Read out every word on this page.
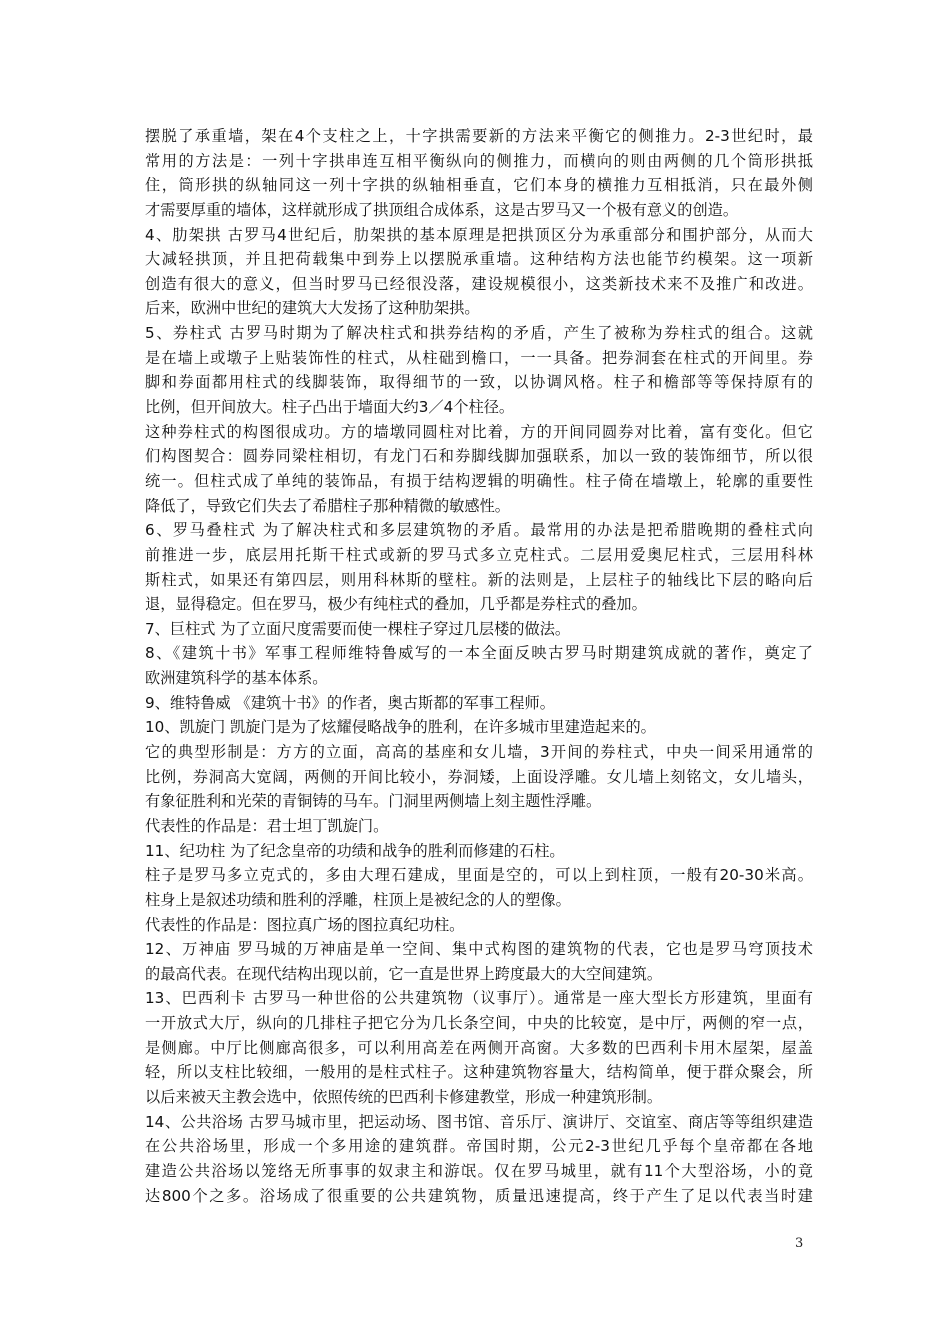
摆脱了承重墙，架在4个支柱之上，十字拱需要新的方法来平衡它的侧推力。2-3世纪时，最
常用的方法是：一列十字拱串连互相平衡纵向的侧推力，而横向的则由两侧的几个筒形拱抵
住，筒形拱的纵轴同这一列十字拱的纵轴相垂直，它们本身的横推力互相抵消，只在最外侧
才需要厚重的墙体，这样就形成了拱顶组合成体系，这是古罗马又一个极有意义的创造。
4、肋架拱 古罗马4世纪后，肋架拱的基本原理是把拱顶区分为承重部分和围护部分，从而大
大减轻拱顶，并且把荷载集中到券上以摆脱承重墙。这种结构方法也能节约模架。这一项新
创造有很大的意义，但当时罗马已经很没落，建设规模很小，这类新技术来不及推广和改进。
后来，欧洲中世纪的建筑大大发扬了这种肋架拱。
5、券柱式 古罗马时期为了解决柱式和拱券结构的矛盾，产生了被称为券柱式的组合。这就
是在墙上或墩子上贴装饰性的柱式，从柱础到檐口，一一具备。把券洞套在柱式的开间里。券
脚和券面都用柱式的线脚装饰，取得细节的一致，以协调风格。柱子和檐部等等保持原有的
比例，但开间放大。柱子凸出于墙面大约3／4个柱径。
这种券柱式的构图很成功。方的墙墩同圆柱对比着，方的开间同圆券对比着，富有变化。但它
们构图契合：圆券同梁柱相切，有龙门石和券脚线脚加强联系，加以一致的装饰细节，所以很
统一。但柱式成了单纯的装饰品，有损于结构逻辑的明确性。柱子倚在墙墩上，轮廓的重要性
降低了，导致它们失去了希腊柱子那种精微的敏感性。
6、罗马叠柱式 为了解决柱式和多层建筑物的矛盾。最常用的办法是把希腊晚期的叠柱式向
前推进一步，底层用托斯干柱式或新的罗马式多立克柱式。二层用爱奥尼柱式，三层用科林
斯柱式，如果还有第四层，则用科林斯的壁柱。新的法则是，上层柱子的轴线比下层的略向后
退，显得稳定。但在罗马，极少有纯柱式的叠加，几乎都是券柱式的叠加。
7、巨柱式 为了立面尺度需要而使一棵柱子穿过几层楼的做法。
8、《建筑十书》军事工程师维特鲁威写的一本全面反映古罗马时期建筑成就的著作，奠定了
欧洲建筑科学的基本体系。
9、维特鲁威 《建筑十书》的作者，奥古斯都的军事工程师。
10、凯旋门 凯旋门是为了炫耀侵略战争的胜利，在许多城市里建造起来的。
它的典型形制是：方方的立面，高高的基座和女儿墙，3开间的券柱式，中央一间采用通常的
比例，券洞高大宽阔，两侧的开间比较小，券洞矮，上面设浮雕。女儿墙上刻铭文，女儿墙头，
有象征胜利和光荣的青铜铸的马车。门洞里两侧墙上刻主题性浮雕。
代表性的作品是：君士坦丁凯旋门。
11、纪功柱 为了纪念皇帝的功绩和战争的胜利而修建的石柱。
柱子是罗马多立克式的，多由大理石建成，里面是空的，可以上到柱顶，一般有20-30米高。
柱身上是叙述功绩和胜利的浮雕，柱顶上是被纪念的人的塑像。
代表性的作品是：图拉真广场的图拉真纪功柱。
12、万神庙 罗马城的万神庙是单一空间、集中式构图的建筑物的代表，它也是罗马穹顶技术
的最高代表。在现代结构出现以前，它一直是世界上跨度最大的大空间建筑。
13、巴西利卡 古罗马一种世俗的公共建筑物（议事厅）。通常是一座大型长方形建筑，里面有
一开放式大厅，纵向的几排柱子把它分为几长条空间，中央的比较宽，是中厅，两侧的窄一点，
是侧廊。中厅比侧廊高很多，可以利用高差在两侧开高窗。大多数的巴西利卡用木屋架，屋盖
轻，所以支柱比较细，一般用的是柱式柱子。这种建筑物容量大，结构简单，便于群众聚会，所
以后来被天主教会选中，依照传统的巴西利卡修建教堂，形成一种建筑形制。
14、公共浴场 古罗马城市里，把运动场、图书馆、音乐厅、演讲厅、交谊室、商店等等组织建造
在公共浴场里，形成一个多用途的建筑群。帝国时期，公元2-3世纪几乎每个皇帝都在各地
建造公共浴场以笼络无所事事的奴隶主和游氓。仅在罗马城里，就有11个大型浴场，小的竟
达800个之多。浴场成了很重要的公共建筑物，质量迅速提高，终于产生了足以代表当时建
3
